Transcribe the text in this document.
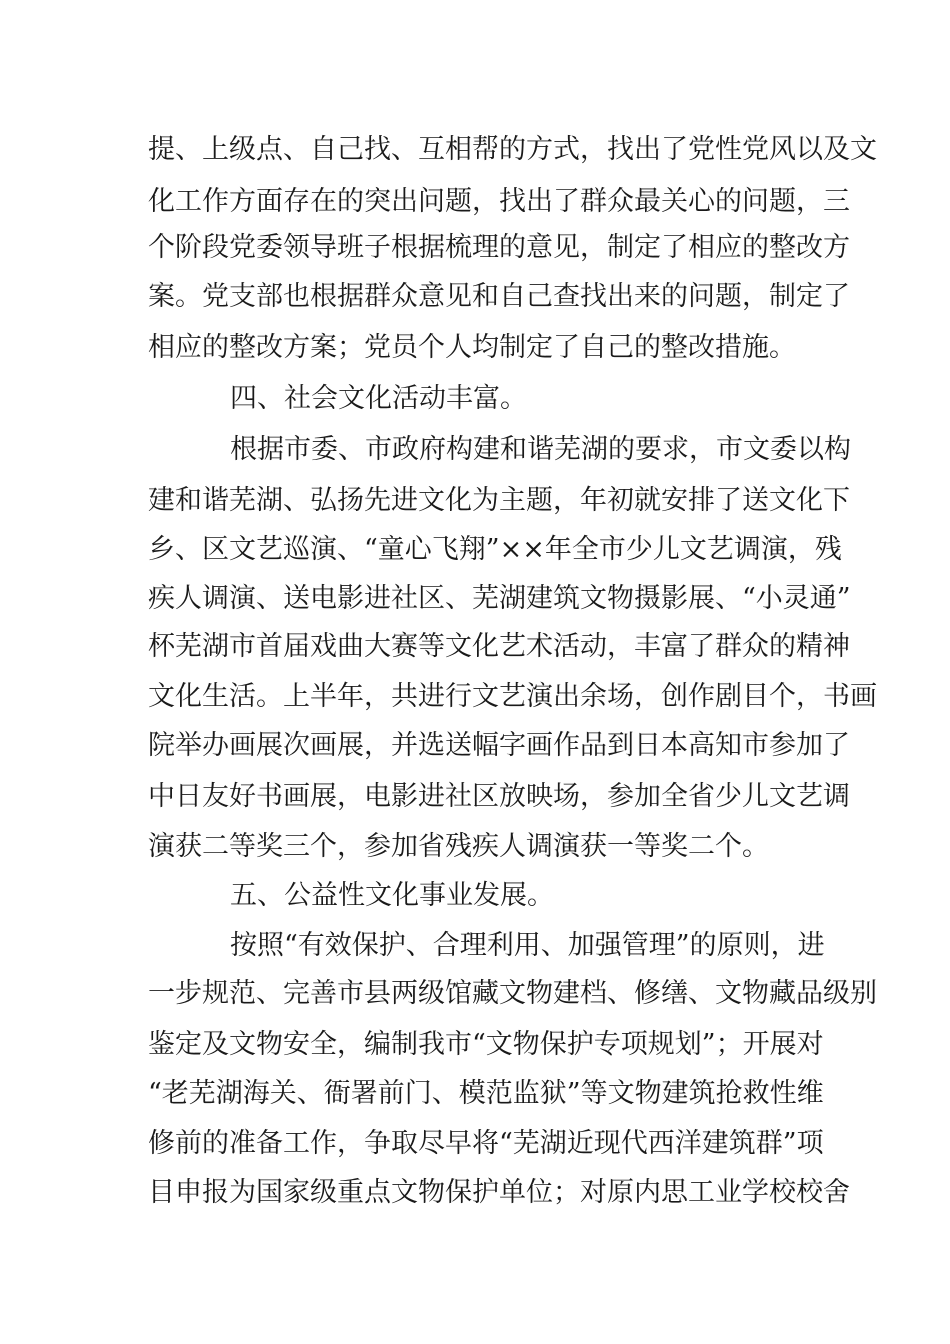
提、上级点、自己找、互相帮的方式，找出了党性党风以及文
化工作方面存在的突出问题，找出了群众最关心的问题，三
个阶段党委领导班子根据梳理的意见，制定了相应的整改方
案。党支部也根据群众意见和自己查找出来的问题，制定了
相应的整改方案；党员个人均制定了自己的整改措施。
四、社会文化活动丰富。
根据市委、市政府构建和谐芜湖的要求，市文委以构
建和谐芜湖、弘扬先进文化为主题，年初就安排了送文化下
乡、区文艺巡演、“童心飞翔”××年全市少儿文艺调演，残
疾人调演、送电影进社区、芜湖建筑文物摄影展、“小灵通”
杯芜湖市首届戏曲大赛等文化艺术活动，丰富了群众的精神
文化生活。上半年，共进行文艺演出余场，创作剧目个，书画
院举办画展次画展，并选送幅字画作品到日本高知市参加了
中日友好书画展，电影进社区放映场，参加全省少儿文艺调
演获二等奖三个，参加省残疾人调演获一等奖二个。
五、公益性文化事业发展。
按照“有效保护、合理利用、加强管理”的原则，进
一步规范、完善市县两级馆藏文物建档、修缮、文物藏品级别
鉴定及文物安全，编制我市“文物保护专项规划”；开展对
“老芜湖海关、衙署前门、模范监狱”等文物建筑抢救性维
修前的准备工作，争取尽早将“芜湖近现代西洋建筑群”项
目申报为国家级重点文物保护单位；对原内思工业学校校舍
